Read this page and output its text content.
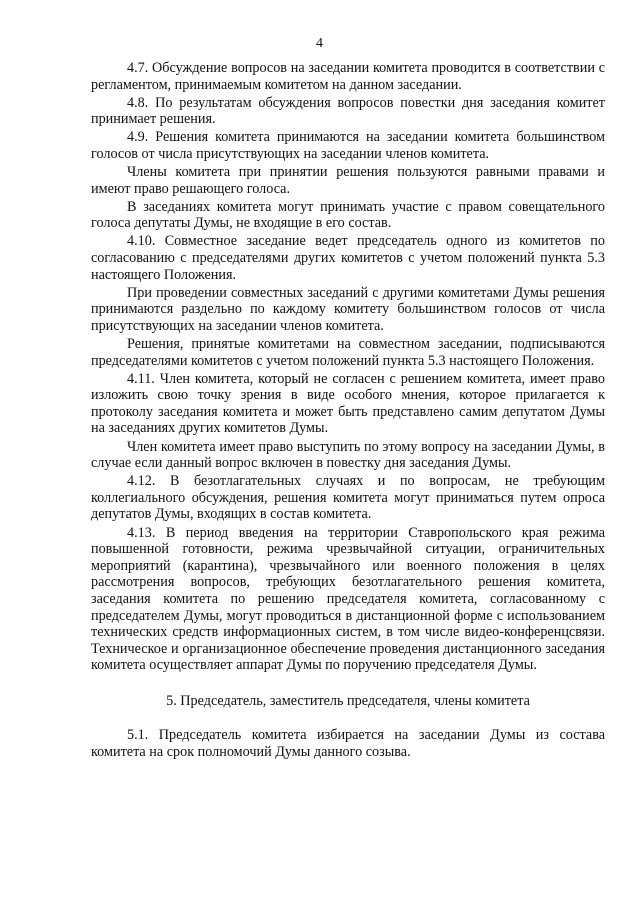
4

4.7. Обсуждение вопросов на заседании комитета проводится в соответствии с регламентом, принимаемым комитетом на данном заседании.

4.8. По результатам обсуждения вопросов повестки дня заседания комитет принимает решения.

4.9. Решения комитета принимаются на заседании комитета большинством голосов от числа присутствующих на заседании членов комитета.

Члены комитета при принятии решения пользуются равными правами и имеют право решающего голоса.

В заседаниях комитета могут принимать участие с правом совещательного голоса депутаты Думы, не входящие в его состав.

4.10. Совместное заседание ведет председатель одного из комитетов по согласованию с председателями других комитетов с учетом положений пункта 5.3 настоящего Положения.

При проведении совместных заседаний с другими комитетами Думы решения принимаются раздельно по каждому комитету большинством голосов от числа присутствующих на заседании членов комитета.

Решения, принятые комитетами на совместном заседании, подписываются председателями комитетов с учетом положений пункта 5.3 настоящего Положения.

4.11. Член комитета, который не согласен с решением комитета, имеет право изложить свою точку зрения в виде особого мнения, которое прилагается к протоколу заседания комитета и может быть представлено самим депутатом Думы на заседаниях других комитетов Думы.

Член комитета имеет право выступить по этому вопросу на заседании Думы, в случае если данный вопрос включен в повестку дня заседания Думы.

4.12. В безотлагательных случаях и по вопросам, не требующим коллегиального обсуждения, решения комитета могут приниматься путем опроса депутатов Думы, входящих в состав комитета.

4.13. В период введения на территории Ставропольского края режима повышенной готовности, режима чрезвычайной ситуации, ограничительных мероприятий (карантина), чрезвычайного или военного положения в целях рассмотрения вопросов, требующих безотлагательного решения комитета, заседания комитета по решению председателя комитета, согласованному с председателем Думы, могут проводиться в дистанционной форме с использованием технических средств информационных систем, в том числе видео-конференцсвязи. Техническое и организационное обеспечение проведения дистанционного заседания комитета осуществляет аппарат Думы по поручению председателя Думы.

5. Председатель, заместитель председателя, члены комитета

5.1. Председатель комитета избирается на заседании Думы из состава комитета на срок полномочий Думы данного созыва.
